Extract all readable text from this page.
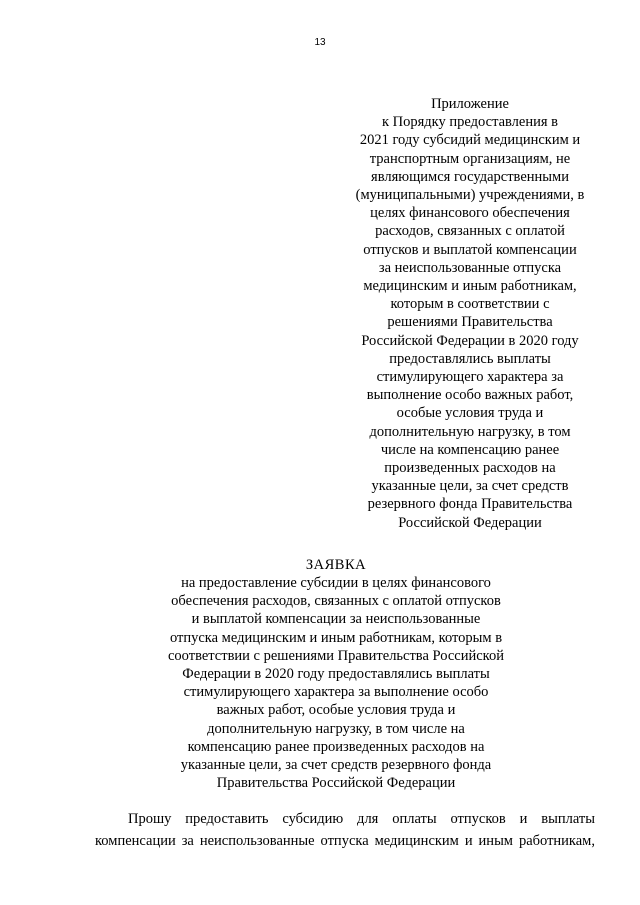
13
Приложение
к Порядку предоставления в
2021 году субсидий медицинским и
транспортным организациям, не
являющимся государственными
(муниципальными) учреждениями, в
целях финансового обеспечения
расходов, связанных с оплатой
отпусков и выплатой компенсации
за неиспользованные отпуска
медицинским и иным работникам,
которым в соответствии с
решениями Правительства
Российской Федерации в 2020 году
предоставлялись выплаты
стимулирующего характера за
выполнение особо важных работ,
особые условия труда и
дополнительную нагрузку, в том
числе на компенсацию ранее
произведенных расходов на
указанные цели, за счет средств
резервного фонда Правительства
Российской Федерации
ЗАЯВКА
на предоставление субсидии в целях финансового
обеспечения расходов, связанных с оплатой отпусков
и выплатой компенсации за неиспользованные
отпуска медицинским и иным работникам, которым в
соответствии с решениями Правительства Российской
Федерации в 2020 году предоставлялись выплаты
стимулирующего характера за выполнение особо
важных работ, особые условия труда и
дополнительную нагрузку, в том числе на
компенсацию ранее произведенных расходов на
указанные цели, за счет средств резервного фонда
Правительства Российской Федерации
Прошу предоставить субсидию для оплаты отпусков и выплаты
компенсации за неиспользованные отпуска медицинским и иным работникам,
